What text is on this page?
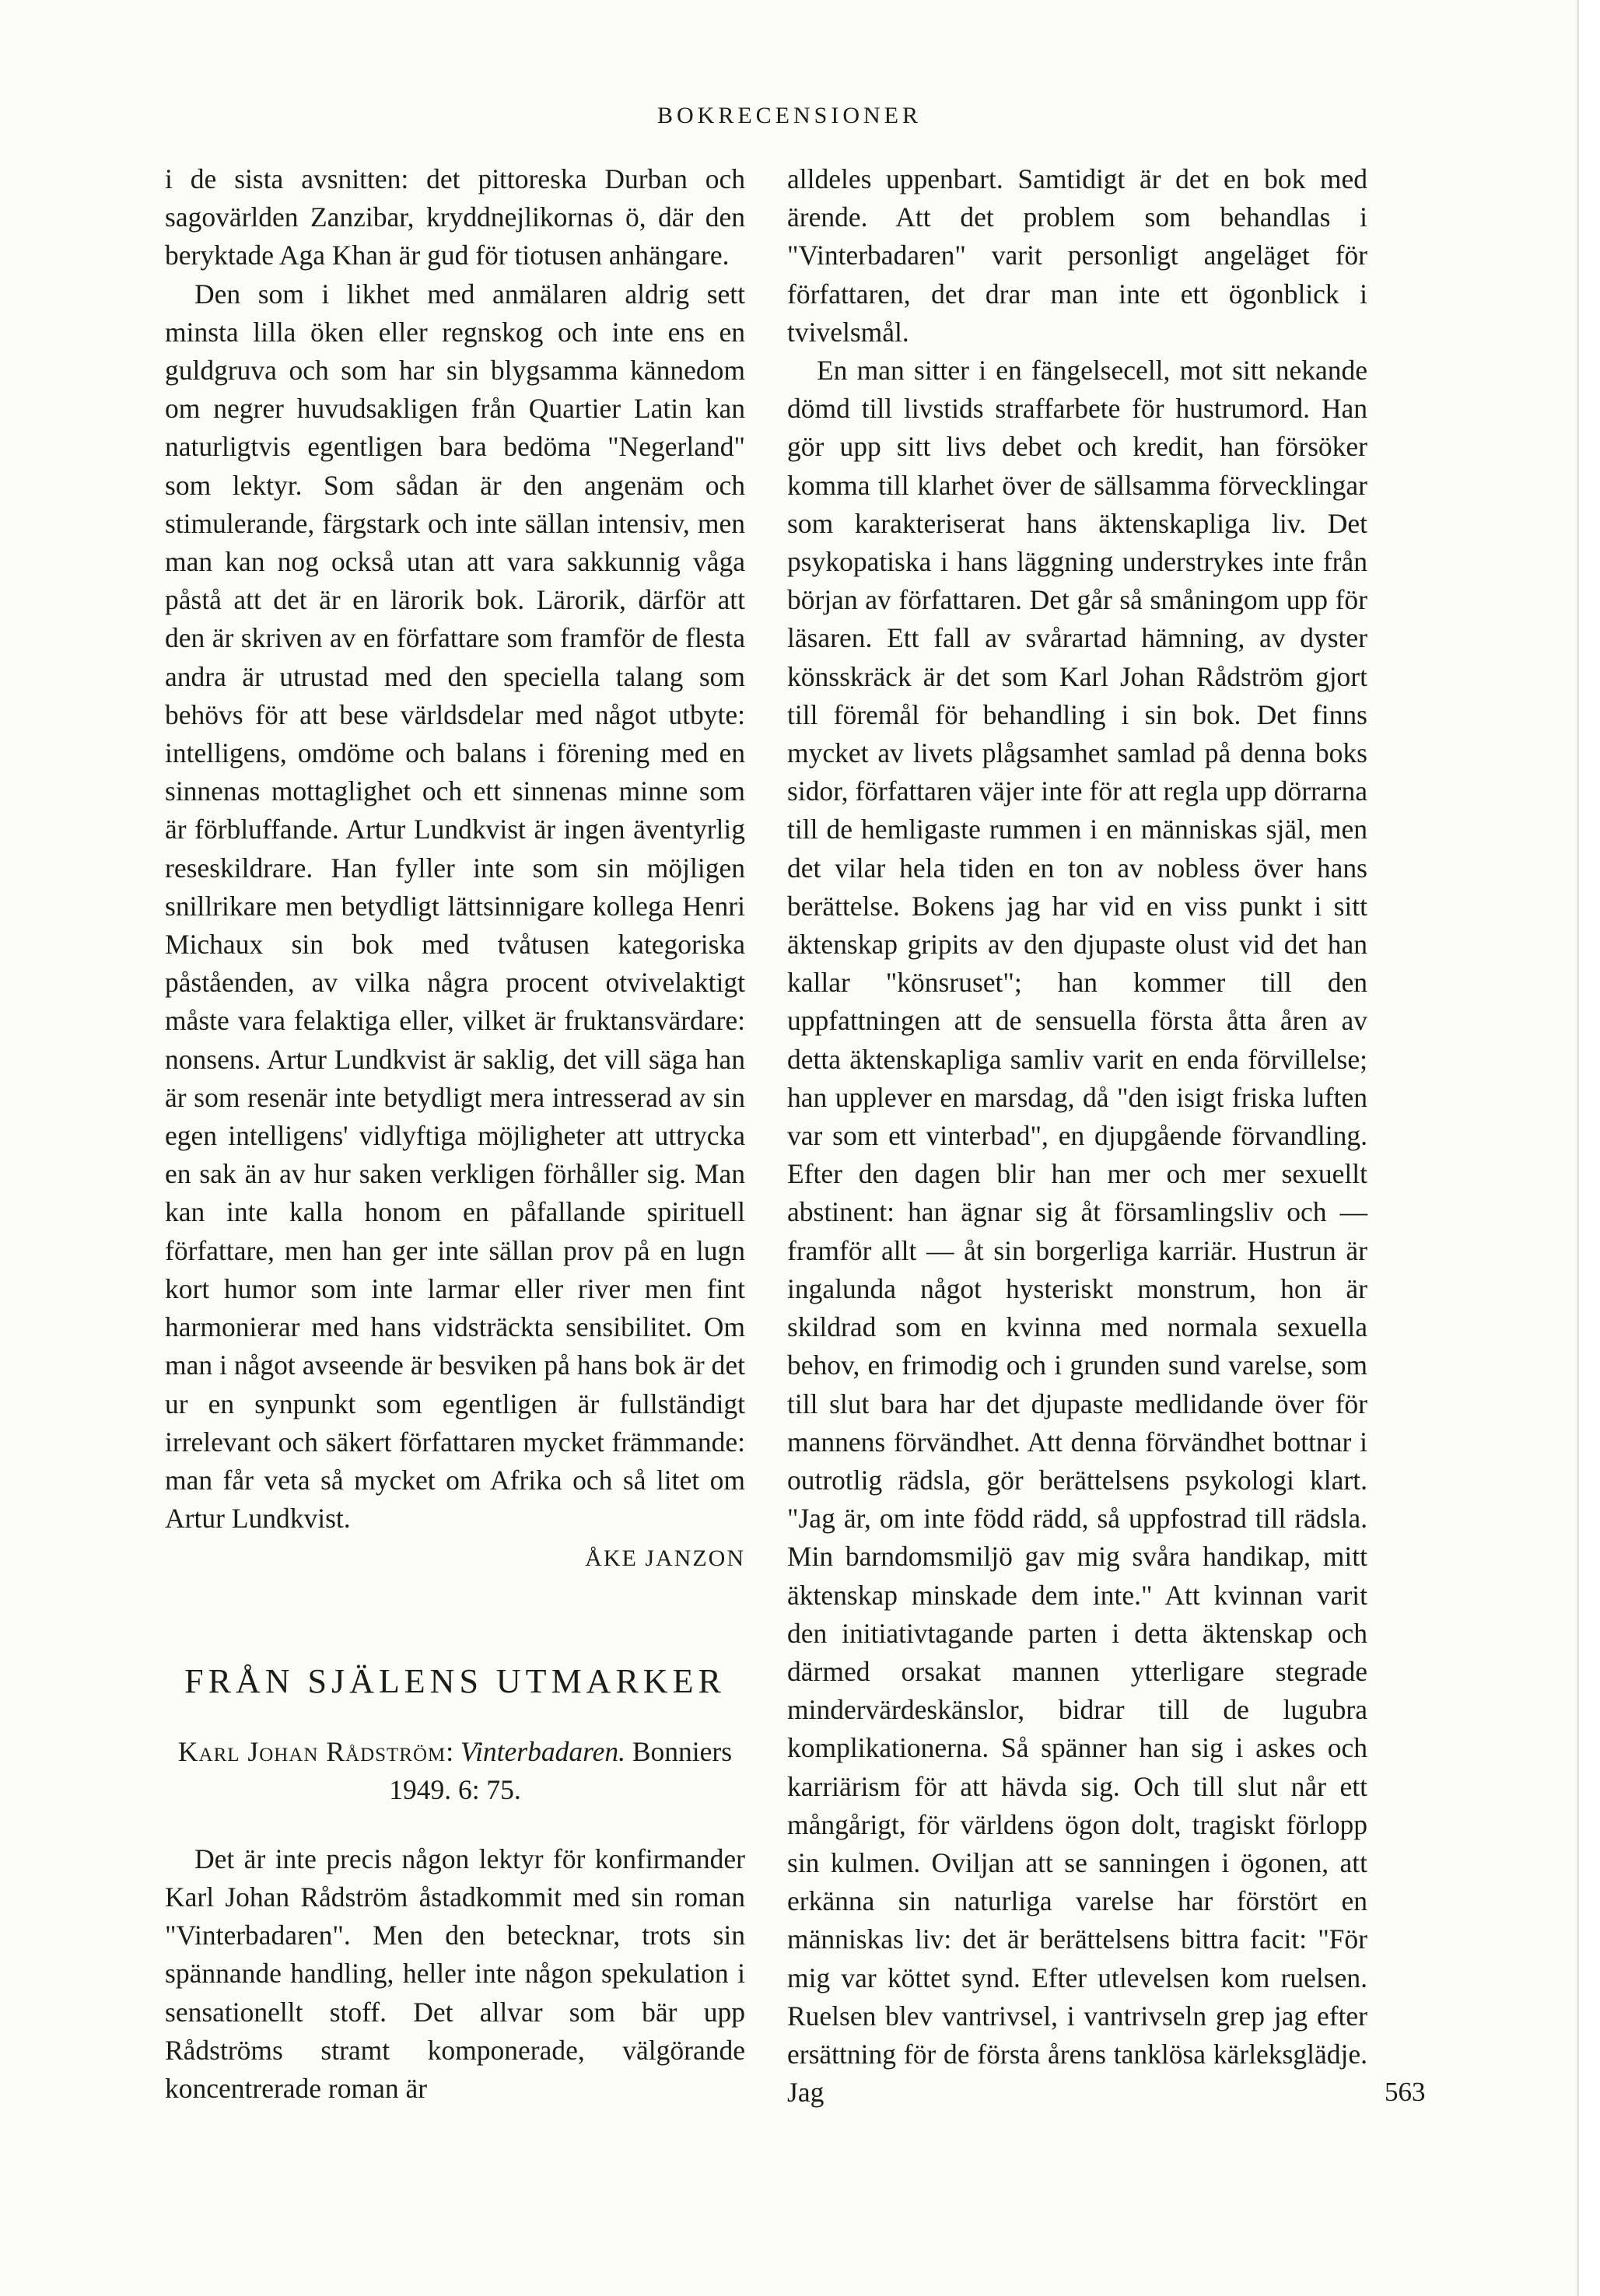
BOKRECENSIONER

i de sista avsnitten: det pittoreska Durban och sagovärlden Zanzibar, kryddnejlikornas ö, där den beryktade Aga Khan är gud för tiotusen anhängare.

Den som i likhet med anmälaren aldrig sett minsta lilla öken eller regnskog och inte ens en guldgruva och som har sin blygsamma kännedom om negrer huvudsakligen från Quartier Latin kan naturligtvis egentligen bara bedöma "Negerland" som lektyr. Som sådan är den angenäm och stimulerande, färgstark och inte sällan intensiv, men man kan nog också utan att vara sakkunnig våga påstå att det är en lärorik bok. Lärorik, därför att den är skriven av en författare som framför de flesta andra är utrustad med den speciella talang som behövs för att bese världsdelar med något utbyte: intelligens, omdöme och balans i förening med en sinnenas mottaglighet och ett sinnenas minne som är förbluffande. Artur Lundkvist är ingen äventyrlig reseskildrare. Han fyller inte som sin möjligen snillrikare men betydligt lättsinnigare kollega Henri Michaux sin bok med tvåtusen kategoriska påståenden, av vilka några procent otvivelaktigt måste vara felaktiga eller, vilket är fruktansvärdare: nonsens. Artur Lundkvist är saklig, det vill säga han är som resenär inte betydligt mera intresserad av sin egen intelligens' vidlyftiga möjligheter att uttrycka en sak än av hur saken verkligen förhåller sig. Man kan inte kalla honom en påfallande spirituell författare, men han ger inte sällan prov på en lugn kort humor som inte larmar eller river men fint harmonierar med hans vidsträckta sensibilitet. Om man i något avseende är besviken på hans bok är det ur en synpunkt som egentligen är fullständigt irrelevant och säkert författaren mycket främmande: man får veta så mycket om Afrika och så litet om Artur Lundkvist.

ÅKE JANZON
FRÅN SJÄLENS UTMARKER
Karl Johan Rådström: Vinterbadaren. Bonniers 1949. 6: 75.

Det är inte precis någon lektyr för konfirmander Karl Johan Rådström åstadkommit med sin roman "Vinterbadaren". Men den betecknar, trots sin spännande handling, heller inte någon spekulation i sensationellt stoff. Det allvar som bär upp Rådströms stramt komponerade, välgörande koncentrerade roman är

alldeles uppenbart. Samtidigt är det en bok med ärende. Att det problem som behandlas i "Vinterbadaren" varit personligt angeläget för författaren, det drar man inte ett ögonblick i tvivelsmål.

En man sitter i en fängelsecell, mot sitt nekande dömd till livstids straffarbete för hustrumord. Han gör upp sitt livs debet och kredit, han försöker komma till klarhet över de sällsamma förvecklingar som karakteriserat hans äktenskapliga liv. Det psykopatiska i hans läggning understrykes inte från början av författaren. Det går så småningom upp för läsaren. Ett fall av svårartad hämning, av dyster könsskräck är det som Karl Johan Rådström gjort till föremål för behandling i sin bok. Det finns mycket av livets plågsamhet samlad på denna boks sidor, författaren väjer inte för att regla upp dörrarna till de hemligaste rummen i en människas själ, men det vilar hela tiden en ton av nobless över hans berättelse. Bokens jag har vid en viss punkt i sitt äktenskap gripits av den djupaste olust vid det han kallar "könsruset"; han kommer till den uppfattningen att de sensuella första åtta åren av detta äktenskapliga samliv varit en enda förvillelse; han upplever en marsdag, då "den isigt friska luften var som ett vinterbad", en djupgående förvandling. Efter den dagen blir han mer och mer sexuellt abstinent: han ägnar sig åt församlingsliv och — framför allt — åt sin borgerliga karriär. Hustrun är ingalunda något hysteriskt monstrum, hon är skildrad som en kvinna med normala sexuella behov, en frimodig och i grunden sund varelse, som till slut bara har det djupaste medlidande över för mannens förvändhet. Att denna förvändhet bottnar i outrotlig rädsla, gör berättelsens psykologi klart. "Jag är, om inte född rädd, så uppfostrad till rädsla. Min barndomsmiljö gav mig svåra handikap, mitt äktenskap minskade dem inte." Att kvinnan varit den initiativtagande parten i detta äktenskap och därmed orsakat mannen ytterligare stegrade mindervärdeskänslor, bidrar till de lugubra komplikationerna. Så spänner han sig i askes och karriärism för att hävda sig. Och till slut når ett mångårigt, för världens ögon dolt, tragiskt förlopp sin kulmen. Oviljan att se sanningen i ögonen, att erkänna sin naturliga varelse har förstört en människas liv: det är berättelsens bittra facit: "För mig var köttet synd. Efter utlevelsen kom ruelsen. Ruelsen blev vantrivsel, i vantrivseln grep jag efter ersättning för de första årens tanklösa kärleksglädje. Jag	563
